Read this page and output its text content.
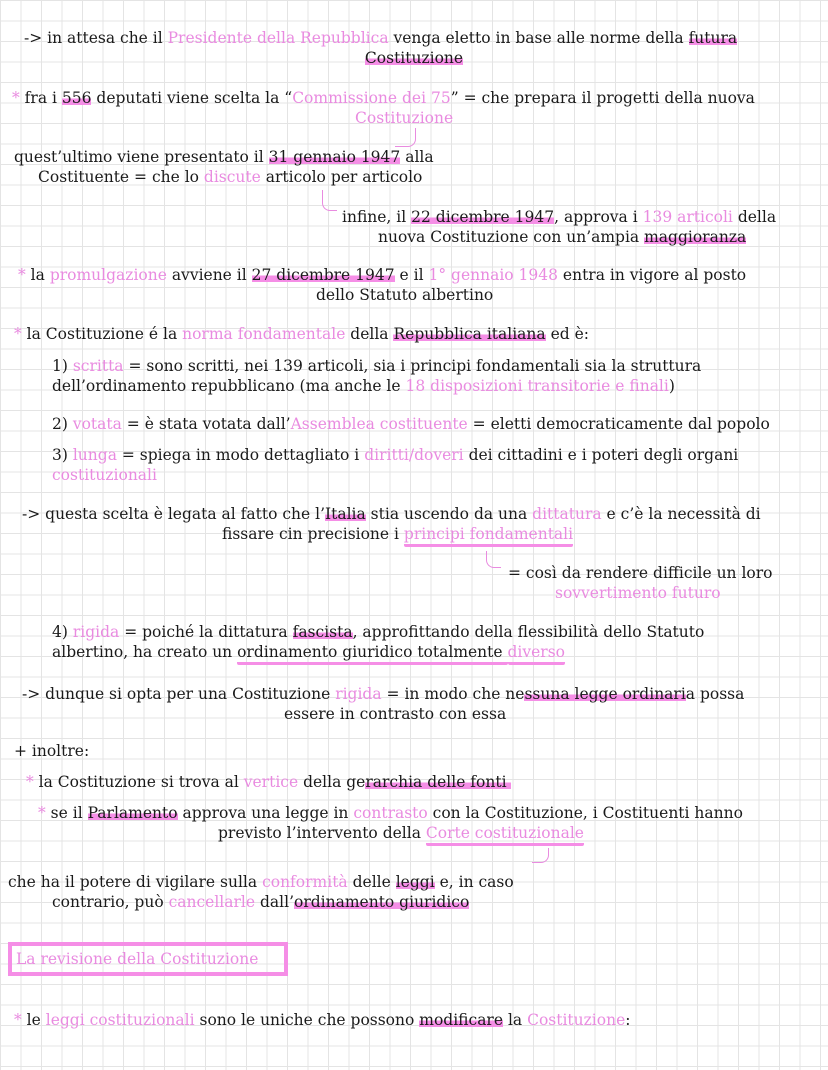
-> in attesa che il Presidente della Repubblica venga eletto in base alle norme della futura
Costituzione
* fra i 556 deputati viene scelta la “Commissione dei 75” = che prepara il progetti della nuova
Costituzione
quest’ultimo viene presentato il 31 gennaio 1947 alla
Costituente = che lo discute articolo per articolo
infine, il 22 dicembre 1947, approva i 139 articoli della
nuova Costituzione con un’ampia maggioranza
* la promulgazione avviene il 27 dicembre 1947 e il 1° gennaio 1948 entra in vigore al posto
dello Statuto albertino
* la Costituzione é la norma fondamentale della Repubblica italiana ed è:
1) scritta = sono scritti, nei 139 articoli, sia i principi fondamentali sia la struttura
dell’ordinamento repubblicano (ma anche le 18 disposizioni transitorie e finali)
2) votata = è stata votata dall’Assemblea costituente = eletti democraticamente dal popolo
3) lunga = spiega in modo dettagliato i diritti/doveri dei cittadini e i poteri degli organi
costituzionali
-> questa scelta è legata al fatto che l’Italia stia uscendo da una dittatura e c’è la necessità di
fissare cin precisione i principi fondamentali
= così da rendere difficile un loro
sovvertimento futuro
4) rigida = poiché la dittatura fascista, approfittando della flessibilità dello Statuto
albertino, ha creato un ordinamento giuridico totalmente diverso
-> dunque si opta per una Costituzione rigida = in modo che nessuna legge ordinaria possa
essere in contrasto con essa
+ inoltre:
* la Costituzione si trova al vertice della gerarchia delle fonti
* se il Parlamento approva una legge in contrasto con la Costituzione, i Costituenti hanno
previsto l’intervento della Corte costituzionale
che ha il potere di vigilare sulla conformità delle leggi e, in caso
contrario, può cancellarle dall’ordinamento giuridico
La revisione della Costituzione
* le leggi costituzionali sono le uniche che possono modificare la Costituzione:
